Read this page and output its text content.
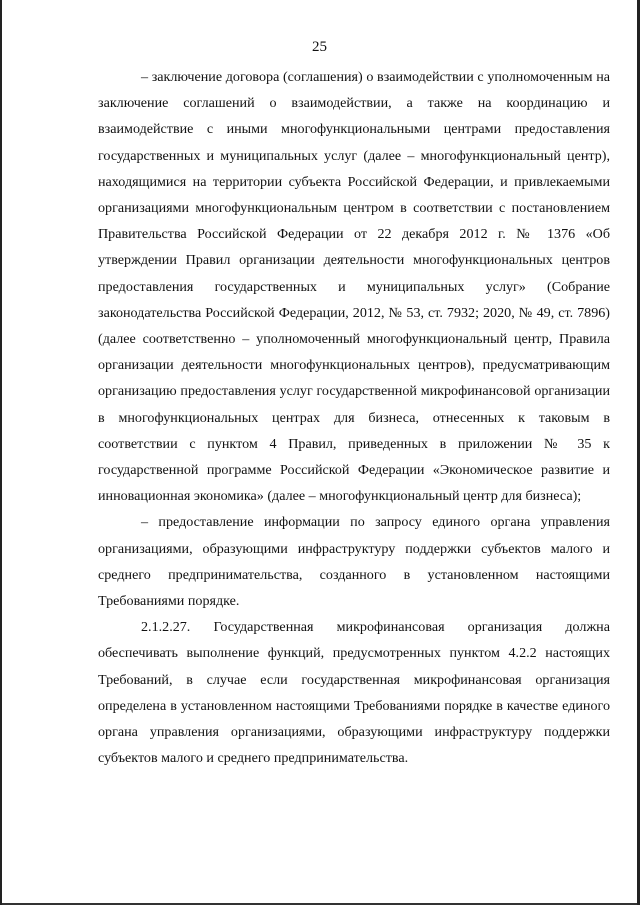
25

– заключение договора (соглашения) о взаимодействии с уполномоченным на заключение соглашений о взаимодействии, а также на координацию и взаимодействие с иными многофункциональными центрами предоставления государственных и муниципальных услуг (далее – многофункциональный центр), находящимися на территории субъекта Российской Федерации, и привлекаемыми организациями многофункциональным центром в соответствии с постановлением Правительства Российской Федерации от 22 декабря 2012 г. № 1376 «Об утверждении Правил организации деятельности многофункциональных центров предоставления государственных и муниципальных услуг» (Собрание законодательства Российской Федерации, 2012, № 53, ст. 7932; 2020, № 49, ст. 7896) (далее соответственно – уполномоченный многофункциональный центр, Правила организации деятельности многофункциональных центров), предусматривающим организацию предоставления услуг государственной микрофинансовой организации в многофункциональных центрах для бизнеса, отнесенных к таковым в соответствии с пунктом 4 Правил, приведенных в приложении № 35 к государственной программе Российской Федерации «Экономическое развитие и инновационная экономика» (далее – многофункциональный центр для бизнеса);

– предоставление информации по запросу единого органа управления организациями, образующими инфраструктуру поддержки субъектов малого и среднего предпринимательства, созданного в установленном настоящими Требованиями порядке.

2.1.2.27. Государственная микрофинансовая организация должна обеспечивать выполнение функций, предусмотренных пунктом 4.2.2 настоящих Требований, в случае если государственная микрофинансовая организация определена в установленном настоящими Требованиями порядке в качестве единого органа управления организациями, образующими инфраструктуру поддержки субъектов малого и среднего предпринимательства.
